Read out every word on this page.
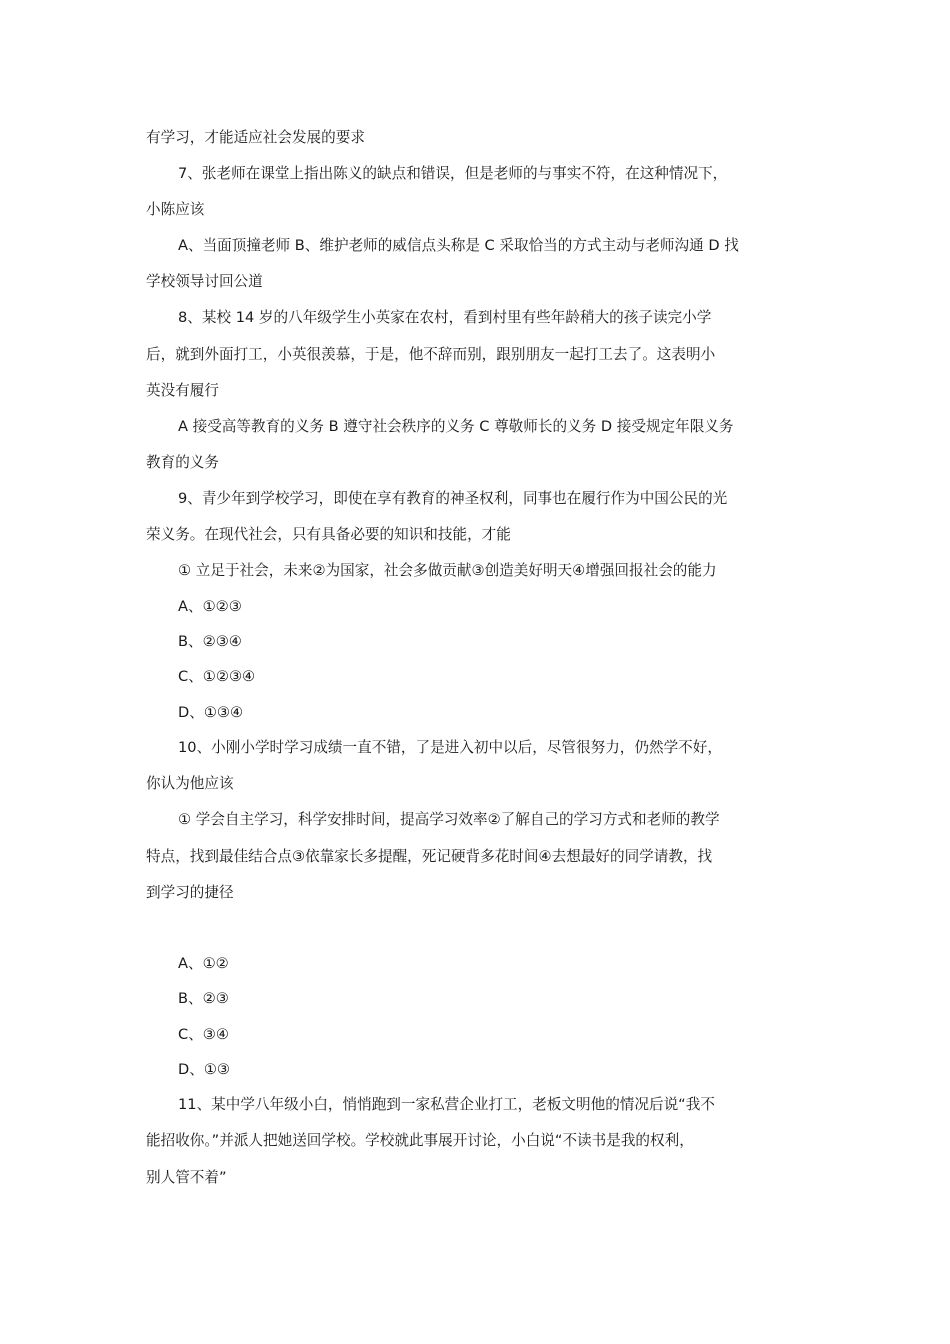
有学习，才能适应社会发展的要求
7、张老师在课堂上指出陈义的缺点和错误，但是老师的与事实不符，在这种情况下，
小陈应该
A、当面顶撞老师 B、维护老师的威信点头称是 C 采取恰当的方式主动与老师沟通 D 找
学校领导讨回公道
8、某校 14 岁的八年级学生小英家在农村，看到村里有些年龄稍大的孩子读完小学
后，就到外面打工，小英很羡慕，于是，他不辞而别，跟别朋友一起打工去了。这表明小
英没有履行
A 接受高等教育的义务 B 遵守社会秩序的义务 C 尊敬师长的义务 D 接受规定年限义务
教育的义务
9、青少年到学校学习，即使在享有教育的神圣权利，同事也在履行作为中国公民的光
荣义务。在现代社会，只有具备必要的知识和技能，才能
① 立足于社会，未来②为国家，社会多做贡献③创造美好明天④增强回报社会的能力
A、①②③
B、②③④
C、①②③④
D、①③④
10、小刚小学时学习成绩一直不错，了是进入初中以后，尽管很努力，仍然学不好，
你认为他应该
① 学会自主学习，科学安排时间，提高学习效率②了解自己的学习方式和老师的教学
特点，找到最佳结合点③依靠家长多提醒，死记硬背多花时间④去想最好的同学请教，找
到学习的捷径
A、①②
B、②③
C、③④
D、①③
11、某中学八年级小白，悄悄跑到一家私营企业打工，老板文明他的情况后说“我不
能招收你。”并派人把她送回学校。学校就此事展开讨论，小白说“不读书是我的权利，
别人管不着”
